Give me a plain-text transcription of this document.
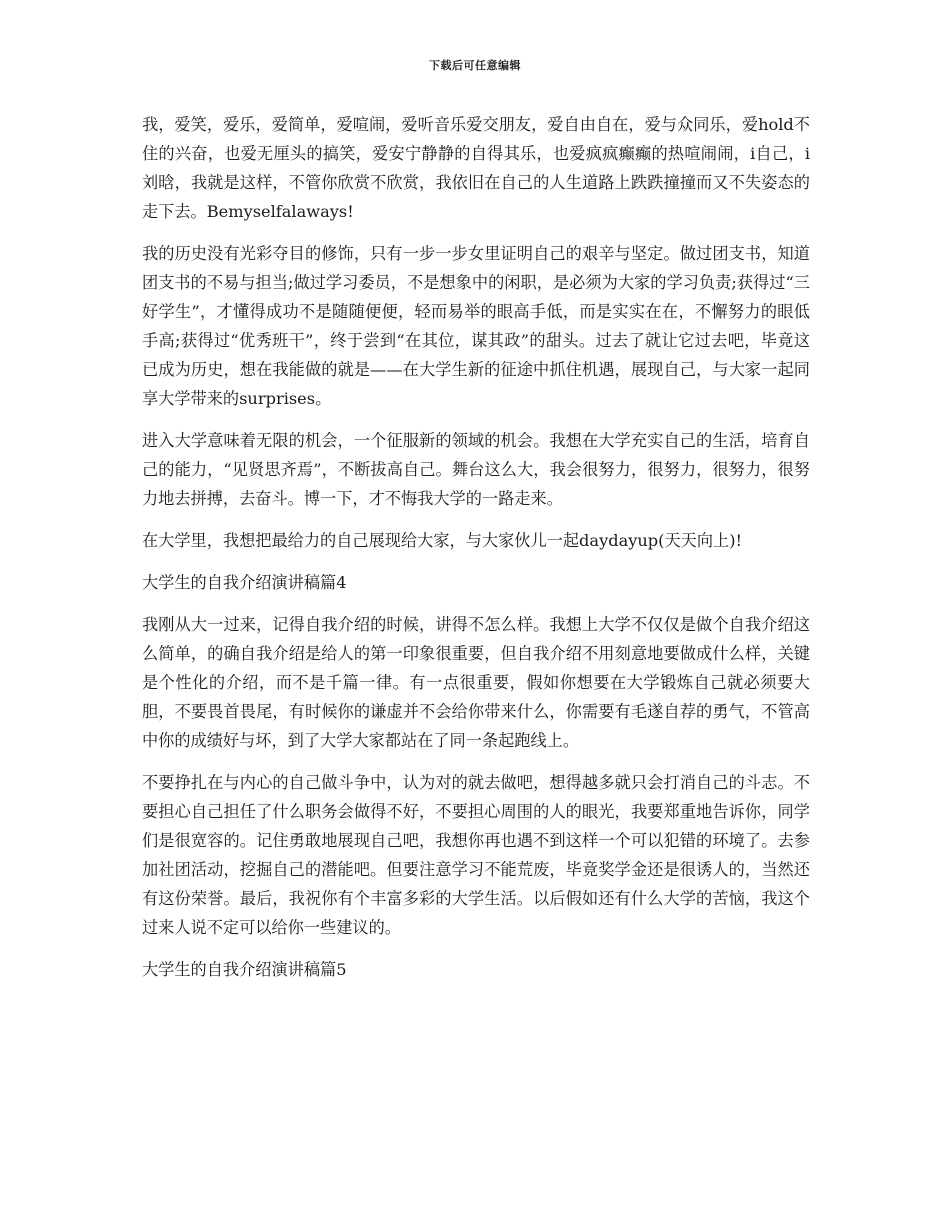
下载后可任意编辑

我，爱笑，爱乐，爱简单，爱喧闹，爱听音乐爱交朋友，爱自由自在，爱与众同乐，爱hold不住的兴奋，也爱无厘头的搞笑，爱安宁静静的自得其乐，也爱疯疯癫癫的热喧闹闹，i自己，i刘晗，我就是这样，不管你欣赏不欣赏，我依旧在自己的人生道路上跌跌撞撞而又不失姿态的走下去。Bemyselfalaways!

我的历史没有光彩夺目的修饰，只有一步一步女里证明自己的艰辛与坚定。做过团支书，知道团支书的不易与担当;做过学习委员，不是想象中的闲职，是必须为大家的学习负责;获得过“三好学生”，才懂得成功不是随随便便，轻而易举的眼高手低，而是实实在在，不懈努力的眼低手高;获得过“优秀班干”，终于尝到“在其位，谋其政”的甜头。过去了就让它过去吧，毕竟这已成为历史，想在我能做的就是——在大学生新的征途中抓住机遇，展现自己，与大家一起同享大学带来的surprises。

进入大学意味着无限的机会，一个征服新的领域的机会。我想在大学充实自己的生活，培育自己的能力，“见贤思齐焉”，不断拔高自己。舞台这么大，我会很努力，很努力，很努力，很努力地去拼搏，去奋斗。博一下，才不悔我大学的一路走来。

在大学里，我想把最给力的自己展现给大家，与大家伙儿一起daydayup(天天向上)!

大学生的自我介绍演讲稿篇4

我刚从大一过来，记得自我介绍的时候，讲得不怎么样。我想上大学不仅仅是做个自我介绍这么简单，的确自我介绍是给人的第一印象很重要，但自我介绍不用刻意地要做成什么样，关键是个性化的介绍，而不是千篇一律。有一点很重要，假如你想要在大学锻炼自己就必须要大胆，不要畏首畏尾，有时候你的谦虚并不会给你带来什么，你需要有毛遂自荐的勇气，不管高中你的成绩好与坏，到了大学大家都站在了同一条起跑线上。

不要挣扎在与内心的自己做斗争中，认为对的就去做吧，想得越多就只会打消自己的斗志。不要担心自己担任了什么职务会做得不好，不要担心周围的人的眼光，我要郑重地告诉你，同学们是很宽容的。记住勇敢地展现自己吧，我想你再也遇不到这样一个可以犯错的环境了。去参加社团活动，挖掘自己的潜能吧。但要注意学习不能荒废，毕竟奖学金还是很诱人的，当然还有这份荣誉。最后，我祝你有个丰富多彩的大学生活。以后假如还有什么大学的苦恼，我这个过来人说不定可以给你一些建议的。

大学生的自我介绍演讲稿篇5
